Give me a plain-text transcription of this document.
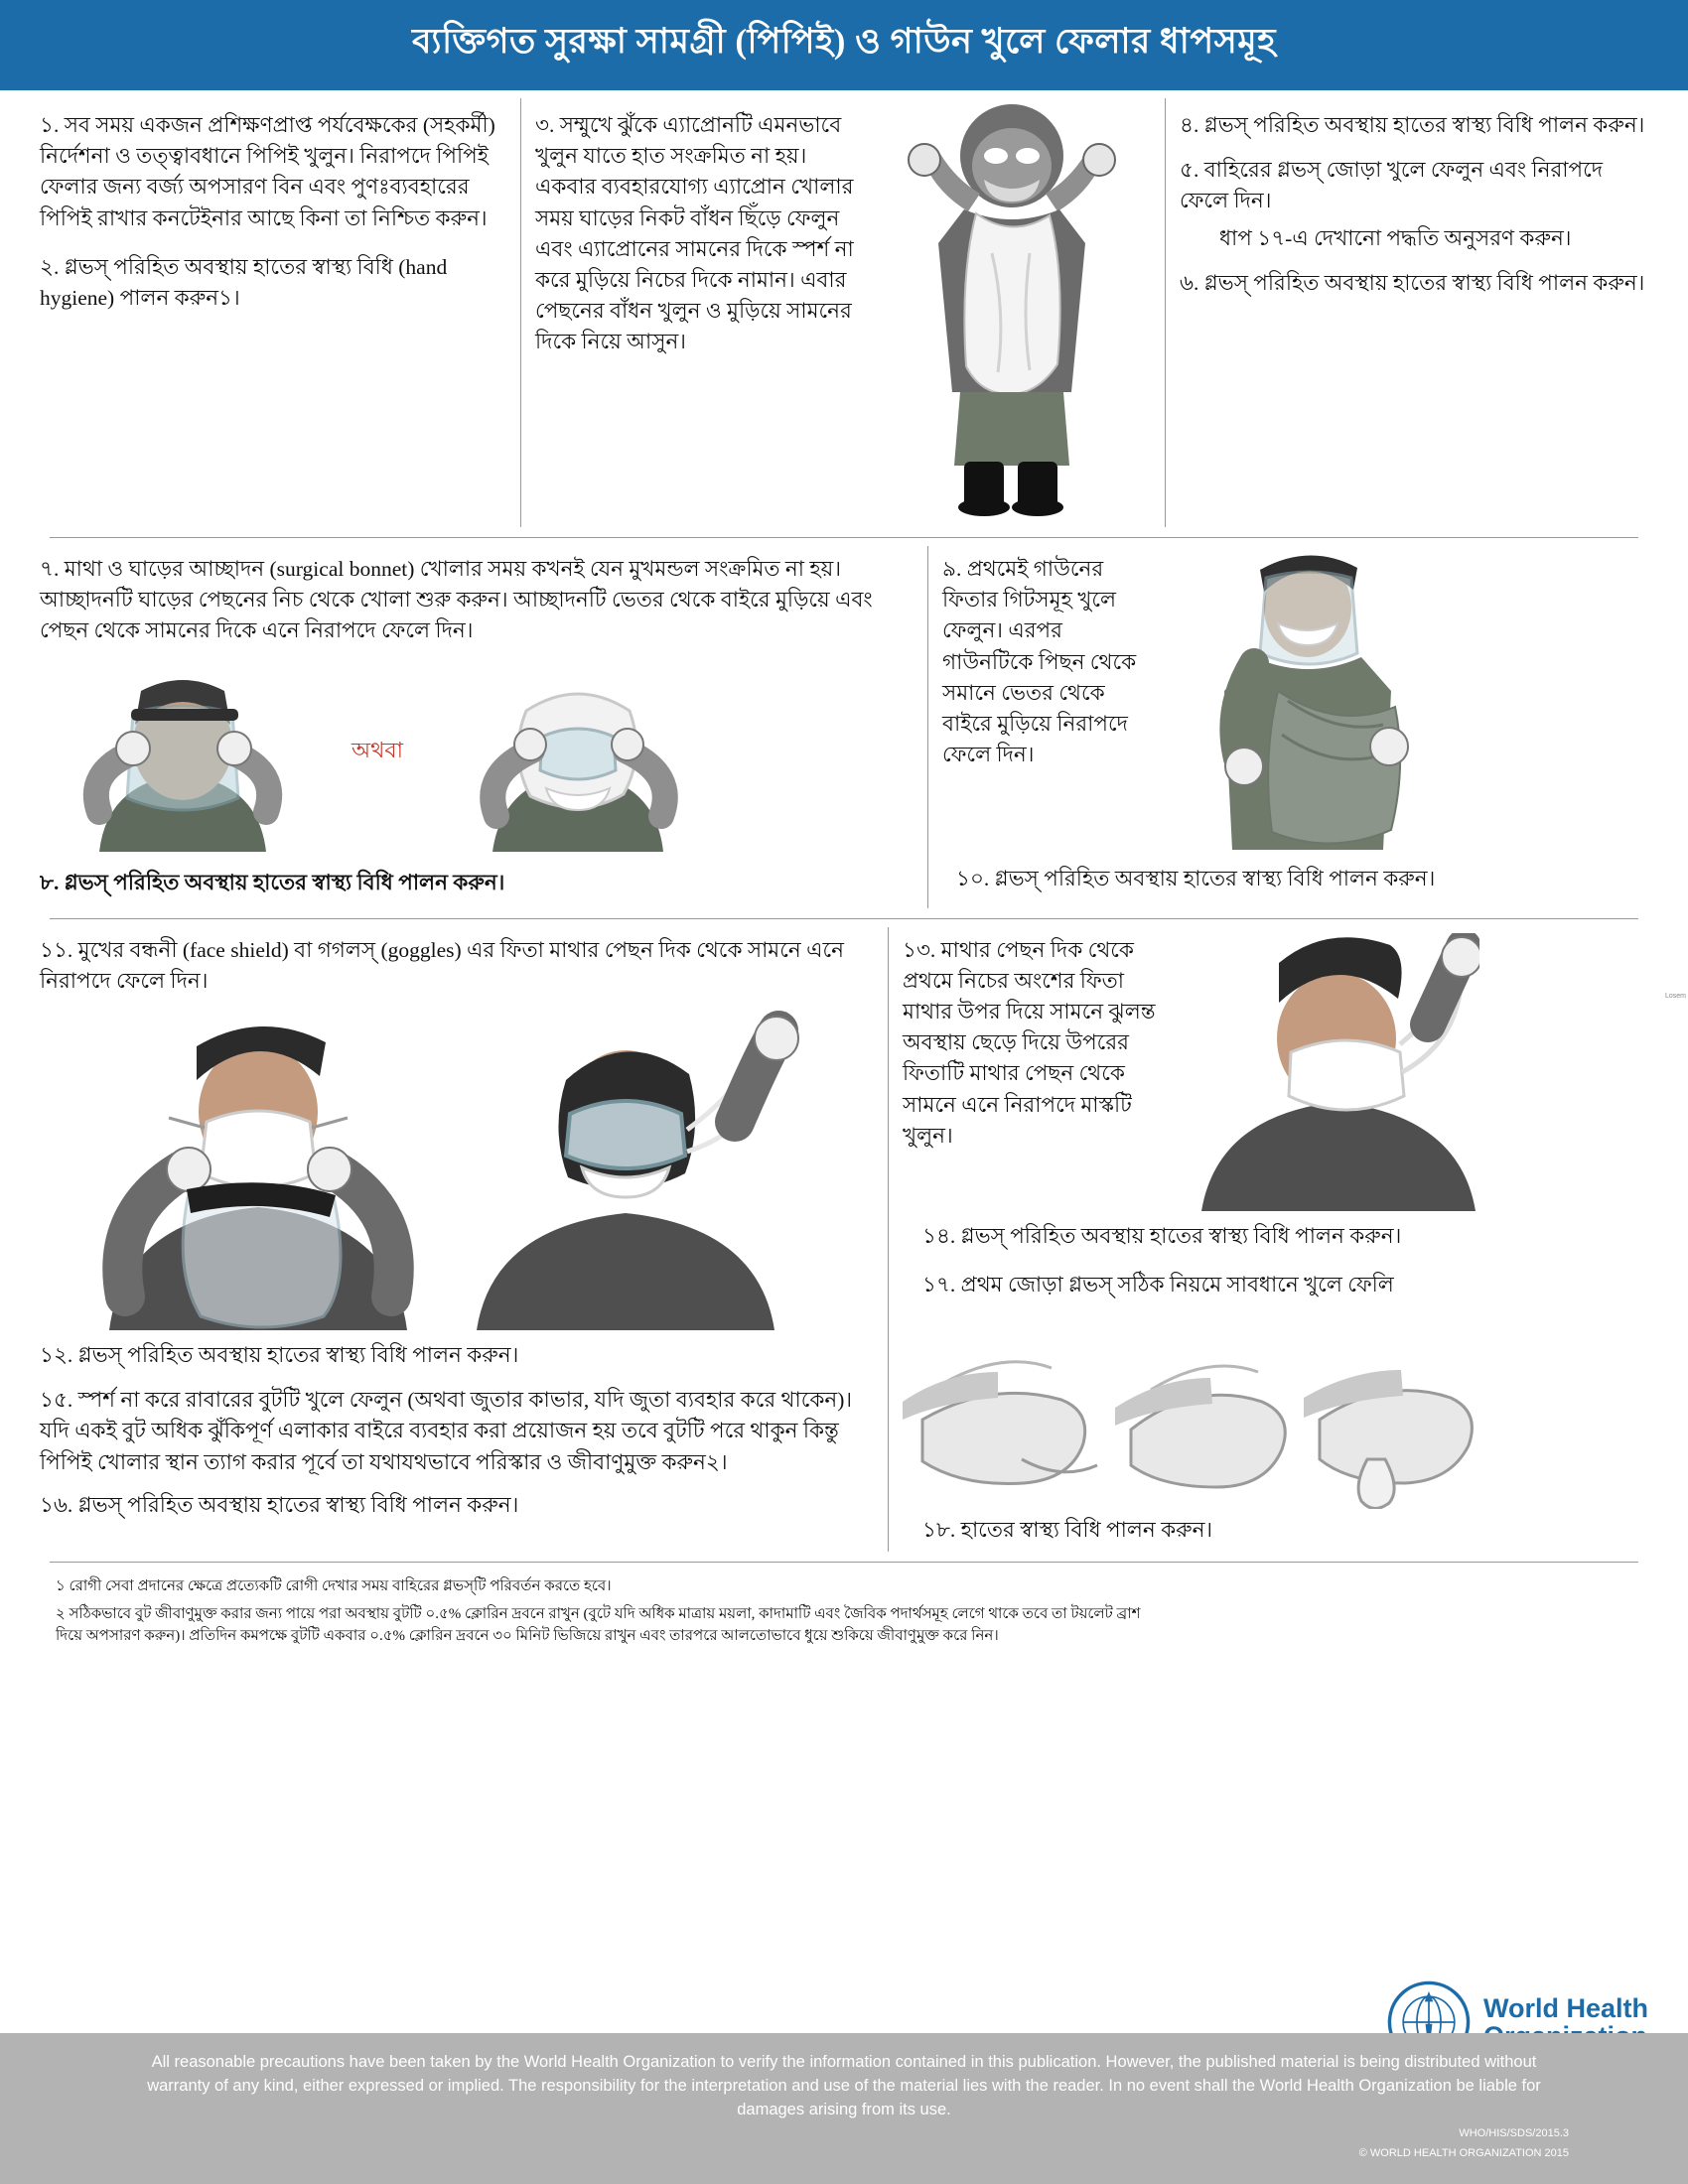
ব্যক্তিগত সুরক্ষা সামগ্রী (পিপিই) ও গাউন খুলে ফেলার ধাপসমূহ

১. সব সময় একজন প্রশিক্ষণপ্রাপ্ত পর্যবেক্ষকের (সহকর্মী) নির্দেশনা ও তত্ত্বাবধানে পিপিই খুলুন। নিরাপদে পিপিই ফেলার জন্য বর্জ্য অপসারণ বিন এবং পুণঃব্যবহারের পিপিই রাখার কনটেইনার আছে কিনা তা নিশ্চিত করুন।

২. গ্লভস্ পরিহিত অবস্থায় হাতের স্বাস্থ্য বিধি (hand hygiene) পালন করুন১।

৩. সম্মুখে ঝুঁকে এ্যাপ্রোনটি এমনভাবে খুলুন যাতে হাত সংক্রমিত না হয়। একবার ব্যবহারযোগ্য এ্যাপ্রোন খোলার সময় ঘাড়ের নিকট বাঁধন ছিঁড়ে ফেলুন এবং এ্যাপ্রোনের সামনের দিকে স্পর্শ না করে মুড়িয়ে নিচের দিকে নামান। এবার পেছনের বাঁধন খুলুন ও মুড়িয়ে সামনের দিকে নিয়ে আসুন।

৪. গ্লভস্ পরিহিত অবস্থায় হাতের স্বাস্থ্য বিধি পালন করুন।

৫. বাহিরের গ্লভস্ জোড়া খুলে ফেলুন এবং নিরাপদে ফেলে দিন।

ধাপ ১৭-এ দেখানো পদ্ধতি অনুসরণ করুন।

৬. গ্লভস্ পরিহিত অবস্থায় হাতের স্বাস্থ্য বিধি পালন করুন।

৭. মাথা ও ঘাড়ের আচ্ছাদন (surgical bonnet) খোলার সময় কখনই যেন মুখমন্ডল সংক্রমিত না হয়। আচ্ছাদনটি ঘাড়ের পেছনের নিচ থেকে খোলা শুরু করুন। আচ্ছাদনটি ভেতর থেকে বাইরে মুড়িয়ে এবং পেছন থেকে সামনের দিকে এনে নিরাপদে ফেলে দিন।

অথবা

৮. গ্লভস্ পরিহিত অবস্থায় হাতের স্বাস্থ্য বিধি পালন করুন।

৯. প্রথমেই গাউনের ফিতার গিটসমূহ খুলে ফেলুন। এরপর গাউনটিকে পিছন থেকে সমানে ভেতর থেকে বাইরে মুড়িয়ে নিরাপদে ফেলে দিন।

১০. গ্লভস্ পরিহিত অবস্থায় হাতের স্বাস্থ্য বিধি পালন করুন।

১১. মুখের বন্ধনী (face shield) বা গগলস্ (goggles) এর ফিতা মাথার পেছন দিক থেকে সামনে এনে নিরাপদে ফেলে দিন।

১২. গ্লভস্ পরিহিত অবস্থায় হাতের স্বাস্থ্য বিধি পালন করুন।

১৫. স্পর্শ না করে রাবারের বুটটি খুলে ফেলুন (অথবা জুতার কাভার, যদি জুতা ব্যবহার করে থাকেন)। যদি একই বুট অধিক ঝুঁকিপূর্ণ এলাকার বাইরে ব্যবহার করা প্রয়োজন হয় তবে বুটটি পরে থাকুন কিন্তু পিপিই খোলার স্থান ত্যাগ করার পূর্বে তা যথাযথভাবে পরিস্কার ও জীবাণুমুক্ত করুন২।

১৬. গ্লভস্ পরিহিত অবস্থায় হাতের স্বাস্থ্য বিধি পালন করুন।

১৩. মাথার পেছন দিক থেকে প্রথমে নিচের অংশের ফিতা মাথার উপর দিয়ে সামনে ঝুলন্ত অবস্থায় ছেড়ে দিয়ে উপরের ফিতাটি মাথার পেছন থেকে সামনে এনে নিরাপদে মাস্কটি খুলুন।

১৪. গ্লভস্ পরিহিত অবস্থায় হাতের স্বাস্থ্য বিধি পালন করুন।

১৭. প্রথম জোড়া গ্লভস্ সঠিক নিয়মে সাবধানে খুলে ফেলি

১৮. হাতের স্বাস্থ্য বিধি পালন করুন।

১ রোগী সেবা প্রদানের ক্ষেত্রে প্রত্যেকটি রোগী দেখার সময় বাহিরের গ্লভস্‌টি পরিবর্তন করতে হবে।

২ সঠিকভাবে বুট জীবাণুমুক্ত করার জন্য পায়ে পরা অবস্থায় বুটটি ০.৫% ক্লোরিন দ্রবনে রাখুন (বুটে যদি অধিক মাত্রায় ময়লা, কাদামাটি এবং জৈবিক পদার্থসমূহ লেগে থাকে তবে তা টয়লেট ব্রাশ দিয়ে অপসারণ করুন)। প্রতিদিন কমপক্ষে বুটটি একবার ০.৫% ক্লোরিন দ্রবনে ৩০ মিনিট ভিজিয়ে রাখুন এবং তারপরে আলতোভাবে ধুয়ে শুকিয়ে জীবাণুমুক্ত করে নিন।

World Health
Losem
All reasonable precautions have been taken by the World Health Organization to verify the information contained in this publication. However, the published material is being distributed without warranty of any kind, either expressed or implied. The responsibility for the interpretation and use of the material lies with the reader. In no event shall the World Health Organization be liable for damages arising from its use.
WHO/HIS/SDS/2015.3
© WORLD HEALTH ORGANIZATION 2015
